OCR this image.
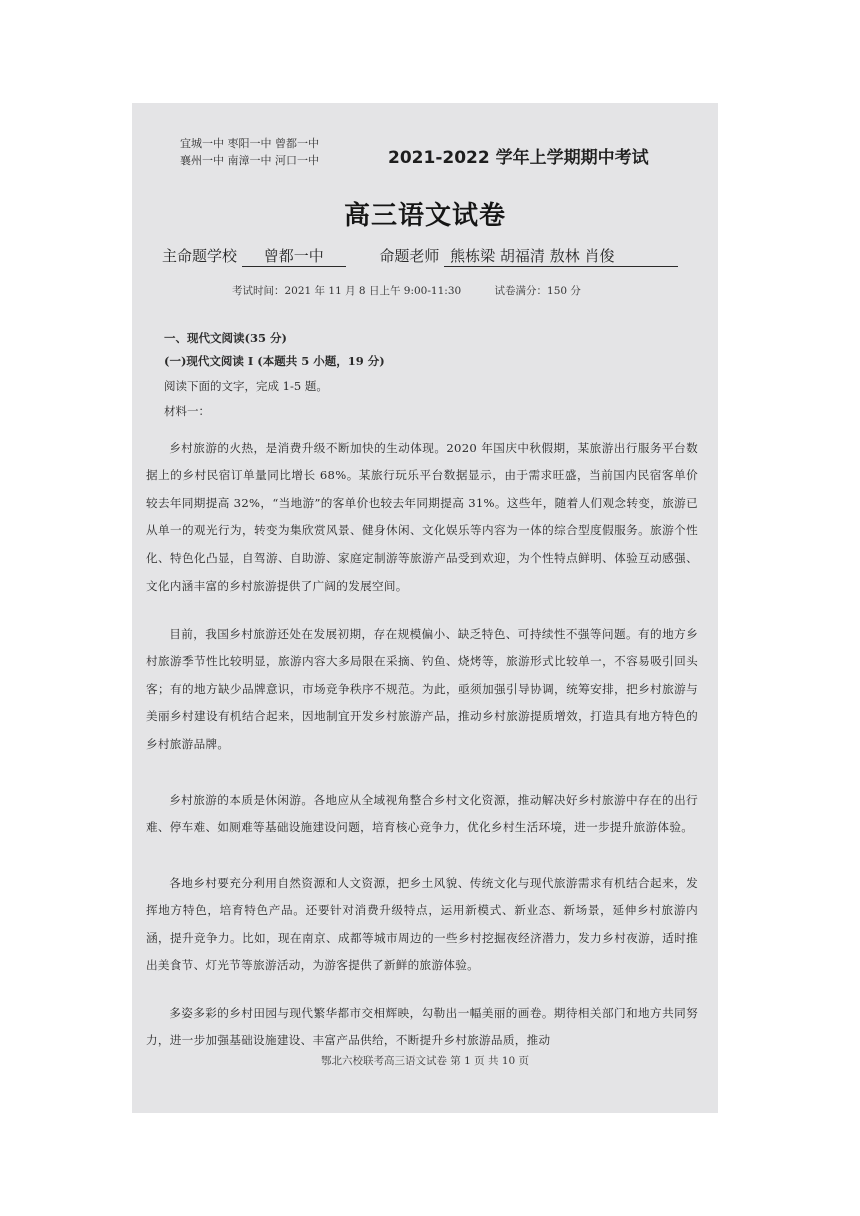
宜城一中 枣阳一中 曾都一中
襄州一中 南漳一中 河口一中	2021-2022 学年上学期期中考试
高三语文试卷
主命题学校 曾都一中	命题老师 熊栋梁 胡福清 敖林 肖俊
考试时间：2021 年 11 月 8 日上午 9:00-11:30	试卷满分：150 分
一、现代文阅读(35 分)
(一)现代文阅读 I (本题共 5 小题，19 分)
阅读下面的文字，完成 1-5 题。
材料一：

乡村旅游的火热，是消费升级不断加快的生动体现。2020 年国庆中秋假期，某旅游出行服务平台数据上的乡村民宿订单量同比增长 68%。某旅行玩乐平台数据显示，由于需求旺盛，当前国内民宿客单价较去年同期提高 32%，“当地游”的客单价也较去年同期提高 31%。这些年，随着人们观念转变，旅游已从单一的观光行为，转变为集欣赏风景、健身休闲、文化娱乐等内容为一体的综合型度假服务。旅游个性化、特色化凸显，自驾游、自助游、家庭定制游等旅游产品受到欢迎，为个性特点鲜明、体验互动感强、文化内涵丰富的乡村旅游提供了广阔的发展空间。

目前，我国乡村旅游还处在发展初期，存在规模偏小、缺乏特色、可持续性不强等问题。有的地方乡村旅游季节性比较明显，旅游内容大多局限在采摘、钓鱼、烧烤等，旅游形式比较单一，不容易吸引回头客；有的地方缺少品牌意识，市场竞争秩序不规范。为此，亟须加强引导协调，统筹安排，把乡村旅游与美丽乡村建设有机结合起来，因地制宜开发乡村旅游产品，推动乡村旅游提质增效，打造具有地方特色的乡村旅游品牌。

乡村旅游的本质是休闲游。各地应从全域视角整合乡村文化资源，推动解决好乡村旅游中存在的出行难、停车难、如厕难等基础设施建设问题，培育核心竞争力，优化乡村生活环境，进一步提升旅游体验。

各地乡村要充分利用自然资源和人文资源，把乡土风貌、传统文化与现代旅游需求有机结合起来，发挥地方特色，培育特色产品。还要针对消费升级特点，运用新模式、新业态、新场景，延伸乡村旅游内涵，提升竞争力。比如，现在南京、成都等城市周边的一些乡村挖掘夜经济潜力，发力乡村夜游，适时推出美食节、灯光节等旅游活动，为游客提供了新鲜的旅游体验。

多姿多彩的乡村田园与现代繁华都市交相辉映，勾勒出一幅美丽的画卷。期待相关部门和地方共同努力，进一步加强基础设施建设、丰富产品供给，不断提升乡村旅游品质，推动

鄂北六校联考高三语文试卷 第 1 页 共 10 页
